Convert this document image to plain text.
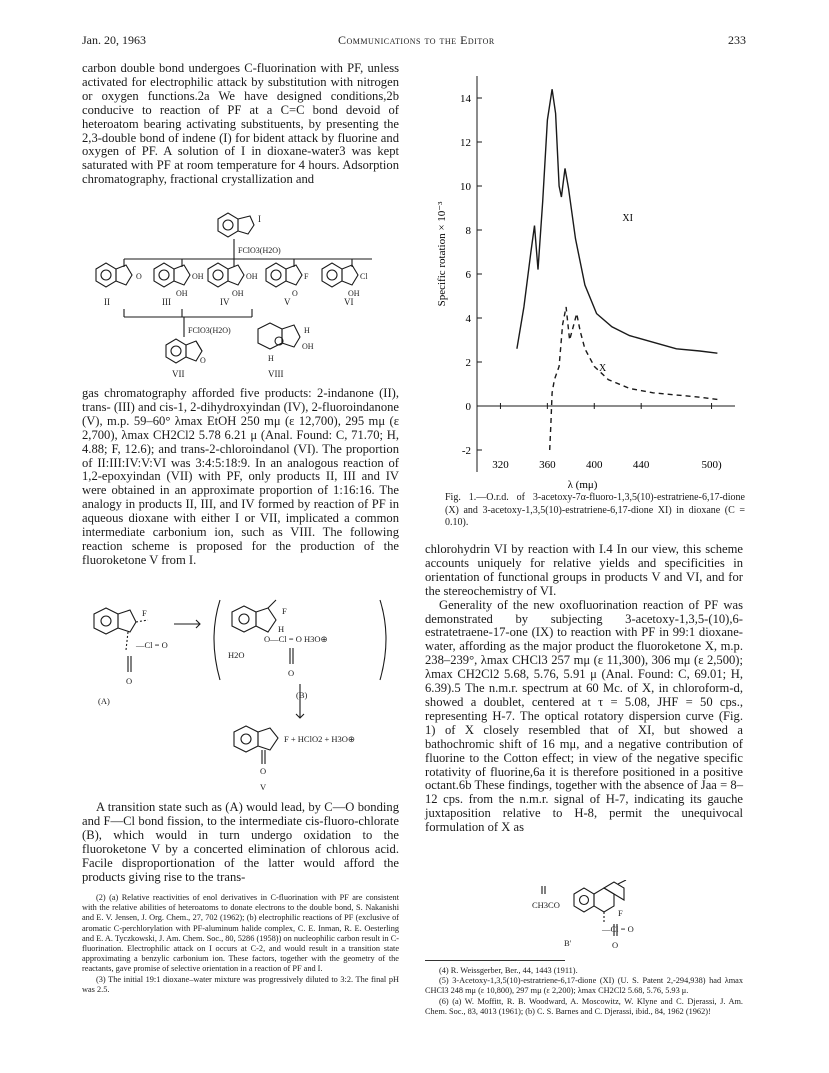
Jan. 20, 1963	Communications to the Editor	233

carbon double bond undergoes C-fluorination with PF, unless activated for electrophilic attack by substitution with nitrogen or oxygen functions.2a We have designed conditions,2b conducive to reaction of PF at a C=C bond devoid of heteroatom bearing activating substituents, by presenting the 2,3-double bond of indene (I) for bident attack by fluorine and oxygen of PF. A solution of I in dioxane-water3 was kept saturated with PF at room temperature for 4 hours. Adsorption chromatography, fractional crystallization and

I
FClO3(H2O)
O	OH	OH	F	Cl
OH	OH	O	OH
II	III	IV	V	VI
FClO3(H2O)
O
H
OH
H
VII	VIII

gas chromatography afforded five products: 2-indanone (II), trans- (III) and cis-1, 2-dihydroxyindan (IV), 2-fluoroindanone (V), m.p. 59–60° λmax EtOH 250 mμ (ε 12,700), 295 mμ (ε 2,700), λmax CH2Cl2 5.78 6.21 μ (Anal. Found: C, 71.70; H, 4.88; F, 12.6); and trans-2-chloroindanol (VI). The proportion of II:III:IV:V:VI was 3:4:5:18:9. In an analogous reaction of 1,2-epoxyindan (VII) with PF, only products II, III and IV were obtained in an approximate proportion of 1:16:16. The analogy in products II, III, and IV formed by reaction of PF in aqueous dioxane with either I or VII, implicated a common intermediate carbonium ion, such as VIII. The following reaction scheme is proposed for the production of the fluoroketone V from I.

F
—Cl = O
O
(A)
F
H
O—Cl = O H3O⊕
H2O
O
(B)
F + HClO2 + H3O⊕
O
V

A transition state such as (A) would lead, by C—O bonding and F—Cl bond fission, to the intermediate cis-fluoro-chlorate (B), which would in turn undergo oxidation to the fluoroketone V by a concerted elimination of chlorous acid. Facile disproportionation of the latter would afford the products giving rise to the trans-

(2) (a) Relative reactivities of enol derivatives in C-fluorination with PF are consistent with the relative abilities of heteroatoms to donate electrons to the double bond, S. Nakanishi and E. V. Jensen, J. Org. Chem., 27, 702 (1962); (b) electrophilic reactions of PF (exclusive of aromatic C-perchlorylation with PF-aluminum halide complex, C. E. Inman, R. E. Oesterling and E. A. Tyczkowski, J. Am. Chem. Soc., 80, 5286 (1958)) on nucleophilic carbon result in C-fluorination. Electrophilic attack on I occurs at C-2, and would result in a transition state approximating a benzylic carbonium ion. These factors, together with the geometry of the reactants, gave promise of selective orientation in a reaction of PF and I.

(3) The initial 19:1 dioxane–water mixture was progressively diluted to 3:2. The final pH was 2.5.

-2
0
2
4
6
8
10
12
14
320	360	400	440	500)
Specific rotation × 10⁻³
λ (mμ)
XI
X
Fig. 1.—O.r.d. of 3-acetoxy-7α-fluoro-1,3,5(10)-estratriene-6,17-dione (X) and 3-acetoxy-1,3,5(10)-estratriene-6,17-dione XI) in dioxane (C = 0.10).

chlorohydrin VI by reaction with I.4 In our view, this scheme accounts uniquely for relative yields and specificities in orientation of functional groups in products V and VI, and for the stereochemistry of VI.

Generality of the new oxofluorination reaction of PF was demonstrated by subjecting 3-acetoxy-1,3,5-(10),6-estratetraene-17-one (IX) to reaction with PF in 99:1 dioxane-water, affording as the major product the fluoroketone X, m.p. 238–239°, λmax CHCl3 257 mμ (ε 11,300), 306 mμ (ε 2,500); λmax CH2Cl2 5.68, 5.76, 5.91 μ (Anal. Found: C, 69.01; H, 6.39).5 The n.m.r. spectrum at 60 Mc. of X, in chloroform-d, showed a doublet, centered at τ = 5.08, JHF = 50 cps., representing H-7. The optical rotatory dispersion curve (Fig. 1) of X closely resembled that of XI, but showed a bathochromic shift of 16 mμ, and a negative contribution of fluorine to the Cotton effect; in view of the negative specific rotativity of fluorine,6a it is therefore positioned in a positive octant.6b These findings, together with the absence of Jaa = 8–12 cps. from the n.m.r. signal of H-7, indicating its gauche juxtaposition relative to H-8, permit the unequivocal formulation of X as

CH3CO
F
—Cl = O
O
B'

(4) R. Weissgerber, Ber., 44, 1443 (1911).

(5) 3-Acetoxy-1,3,5(10)-estratriene-6,17-dione (XI) (U. S. Patent 2,-294,938) had λmax CHCl3 248 mμ (ε 10,800), 297 mμ (ε 2,200); λmax CH2Cl2 5.68, 5.76, 5.93 μ.

(6) (a) W. Moffitt, R. B. Woodward, A. Moscowitz, W. Klyne and C. Djerassi, J. Am. Chem. Soc., 83, 4013 (1961); (b) C. S. Barnes and C. Djerassi, ibid., 84, 1962 (1962)!
